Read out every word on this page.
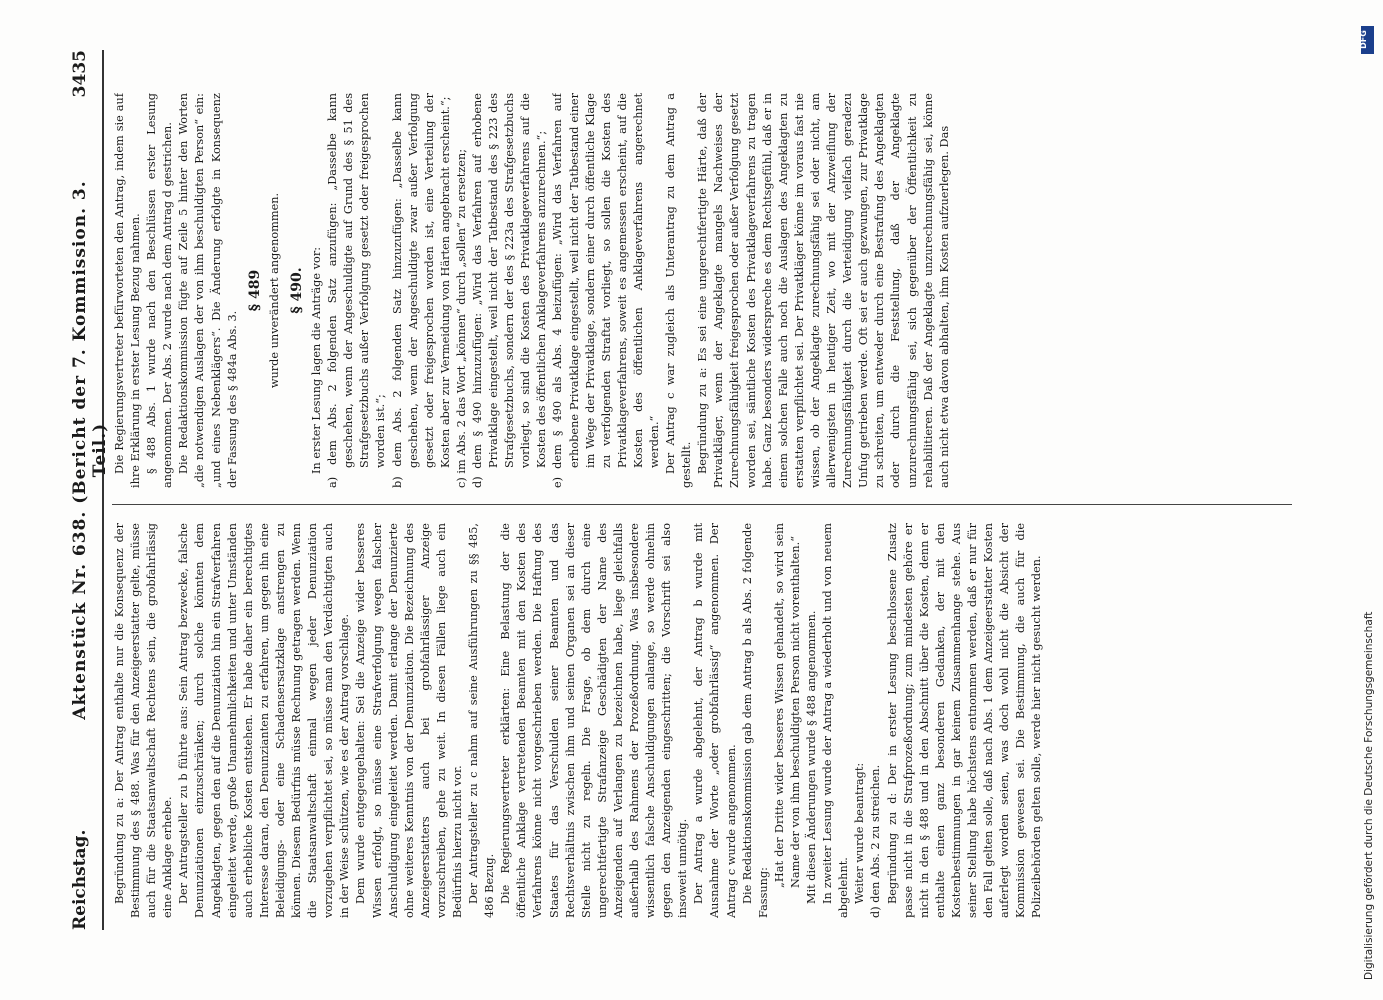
Reichstag.
Aktenstück Nr. 638. (Bericht der 7. Kommission. 3. Teil.)
3435

Begründung zu a: Der Antrag enthalte nur die Konsequenz der Bestimmung des § 488. Was für den Anzeigeerstatter gelte, müsse auch für die Staatsanwaltschaft Rechtens sein, die grobfahrlässig eine Anklage erhebe. Der Antragsteller zu b führte aus: Sein Antrag bezwecke, falsche Denunziationen einzuschränken; durch solche könnten dem Angeklagten, gegen den auf die Denunziation hin ein Strafverfahren eingeleitet werde, große Unannehmlichkeiten und unter Umständen auch erhebliche Kosten entstehen. Er habe daher ein berechtigtes Interesse daran, den Denunzianten zu erfahren, um gegen ihn eine Beleidigungs- oder eine Schadensersatzklage anstrengen zu können. Diesem Bedürfnis müsse Rechnung getragen werden. Wenn die Staatsanwaltschaft einmal wegen jeder Denunziation vorzugehen verpflichtet sei, so müsse man den Verdächtigten auch in der Weise schützen, wie es der Antrag vorschlage. Dem wurde entgegengehalten: Sei die Anzeige wider besseres Wissen erfolgt, so müsse eine Strafverfolgung wegen falscher Anschuldigung eingeleitet werden. Damit erlange der Denunzierte ohne weiteres Kenntnis von der Denunziation. Die Bezeichnung des Anzeigeerstatters auch bei grobfahrlässiger Anzeige vorzuschreiben, gehe zu weit. In diesen Fällen liege auch ein Bedürfnis hierzu nicht vor. Der Antragsteller zu c nahm auf seine Ausführungen zu §§ 485, 486 Bezug. Die Regierungsvertreter erklärten: Eine Belastung der die öffentliche Anklage vertretenden Beamten mit den Kosten des Verfahrens könne nicht vorgeschrieben werden. Die Haftung des Staates für das Verschulden seiner Beamten und das Rechtsverhältnis zwischen ihm und seinen Organen sei an dieser Stelle nicht zu regeln. Die Frage, ob dem durch eine ungerechtfertigte Strafanzeige Geschädigten der Name des Anzeigenden auf Verlangen zu bezeichnen habe, liege gleichfalls außerhalb des Rahmens der Prozeßordnung. Was insbesondere wissentlich falsche Anschuldigungen anlange, so werde ohnehin gegen den Anzeigenden eingeschritten; die Vorschrift sei also insoweit unnötig. Der Antrag a wurde abgelehnt, der Antrag b wurde mit Ausnahme der Worte „oder grobfahrlässig“ angenommen. Der Antrag c wurde angenommen. Die Redaktionskommission gab dem Antrag b als Abs. 2 folgende Fassung:

„Hat der Dritte wider besseres Wissen gehandelt, so wird sein Name der von ihm beschuldigten Person nicht vorenthalten.“ Mit diesen Änderungen wurde § 488 angenommen. In zweiter Lesung wurde der Antrag a wiederholt und von neuem abgelehnt. Weiter wurde beantragt: d) den Abs. 2 zu streichen. Begründung zu d: Der in erster Lesung beschlossene Zusatz passe nicht in die Strafprozeßordnung; zum mindesten gehöre er nicht in den § 488 und in den Abschnitt über die Kosten, denn er enthalte einen ganz besonderen Gedanken, der mit den Kostenbestimmungen in gar keinem Zusammenhange stehe. Aus seiner Stellung habe höchstens entnommen werden, daß er nur für den Fall gelten solle, daß nach Abs. 1 dem Anzeigeerstatter Kosten auferlegt worden seien, was doch wohl nicht die Absicht der Kommission gewesen sei. Die Bestimmung, die auch für die Polizeibehörden gelten solle, werde hier nicht gesucht werden.

Die Regierungsvertreter befürworteten den Antrag, indem sie auf ihre Erklärung in erster Lesung Bezug nahmen. § 488 Abs. 1 wurde nach den Beschlüssen erster Lesung angenommen. Der Abs. 2 wurde nach dem Antrag d gestrichen. Die Redaktionskommission fügte auf Zeile 5 hinter den Worten „die notwendigen Auslagen der von ihm beschuldigten Person“ ein: „und eines Nebenklägers“. Die Änderung erfolgte in Konsequenz der Fassung des § 484a Abs. 3.

§ 489 wurde unverändert angenommen. § 490. In erster Lesung lagen die Anträge vor: a) dem Abs. 2 folgenden Satz anzufügen: „Dasselbe kann geschehen, wenn der Angeschuldigte auf Grund des § 51 des Strafgesetzbuchs außer Verfolgung gesetzt oder freigesprochen worden ist.“; b) dem Abs. 2 folgenden Satz hinzuzufügen: „Dasselbe kann geschehen, wenn der Angeschuldigte zwar außer Verfolgung gesetzt oder freigesprochen worden ist, eine Verteilung der Kosten aber zur Vermeidung von Härten angebracht erscheint.“; c) im Abs. 2 das Wort „können“ durch „sollen“ zu ersetzen; d) dem § 490 hinzuzufügen: „Wird das Verfahren auf erhobene Privatklage eingestellt, weil nicht der Tatbestand des § 223 des Strafgesetzbuchs, sondern der des § 223a des Strafgesetzbuchs vorliegt, so sind die Kosten des Privatklageverfahrens auf die Kosten des öffentlichen Anklageverfahrens anzurechnen.“; e) dem § 490 als Abs. 4 beizufügen: „Wird das Verfahren auf erhobene Privatklage eingestellt, weil nicht der Tatbestand einer im Wege der Privatklage, sondern einer durch öffentliche Klage zu verfolgenden Straftat vorliegt, so sollen die Kosten des Privatklageverfahrens, soweit es angemessen erscheint, auf die Kosten des öffentlichen Anklageverfahrens angerechnet werden.“ Der Antrag c war zugleich als Unterantrag zu dem Antrag a gestellt. Begründung zu a: Es sei eine ungerechtfertigte Härte, daß der Privatkläger, wenn der Angeklagte mangels Nachweises der Zurechnungsfähigkeit freigesprochen oder außer Verfolgung gesetzt worden sei, sämtliche Kosten des Privatklageverfahrens zu tragen habe. Ganz besonders widerspreche es dem Rechtsgefühl, daß er in einem solchen Falle auch noch die Auslagen des Angeklagten zu erstatten verpflichtet sei. Der Privatkläger könne im voraus fast nie wissen, ob der Angeklagte zurechnungsfähig sei oder nicht, am allerwenigsten in heutiger Zeit, wo mit der Anzweiflung der Zurechnungsfähigkeit durch die Verteidigung vielfach geradezu Unfug getrieben werde. Oft sei er auch gezwungen, zur Privatklage zu schreiten, um entweder durch eine Bestrafung des Angeklagten oder durch die Feststellung, daß der Angeklagte unzurechnungsfähig sei, sich gegenüber der Öffentlichkeit zu rehabilitieren. Daß der Angeklagte unzurechnungsfähig sei, könne auch nicht etwa davon abhalten, ihm Kosten aufzuerlegen. Das

Digitalisierung gefördert durch die Deutsche Forschungsgemeinschaft
DFG
